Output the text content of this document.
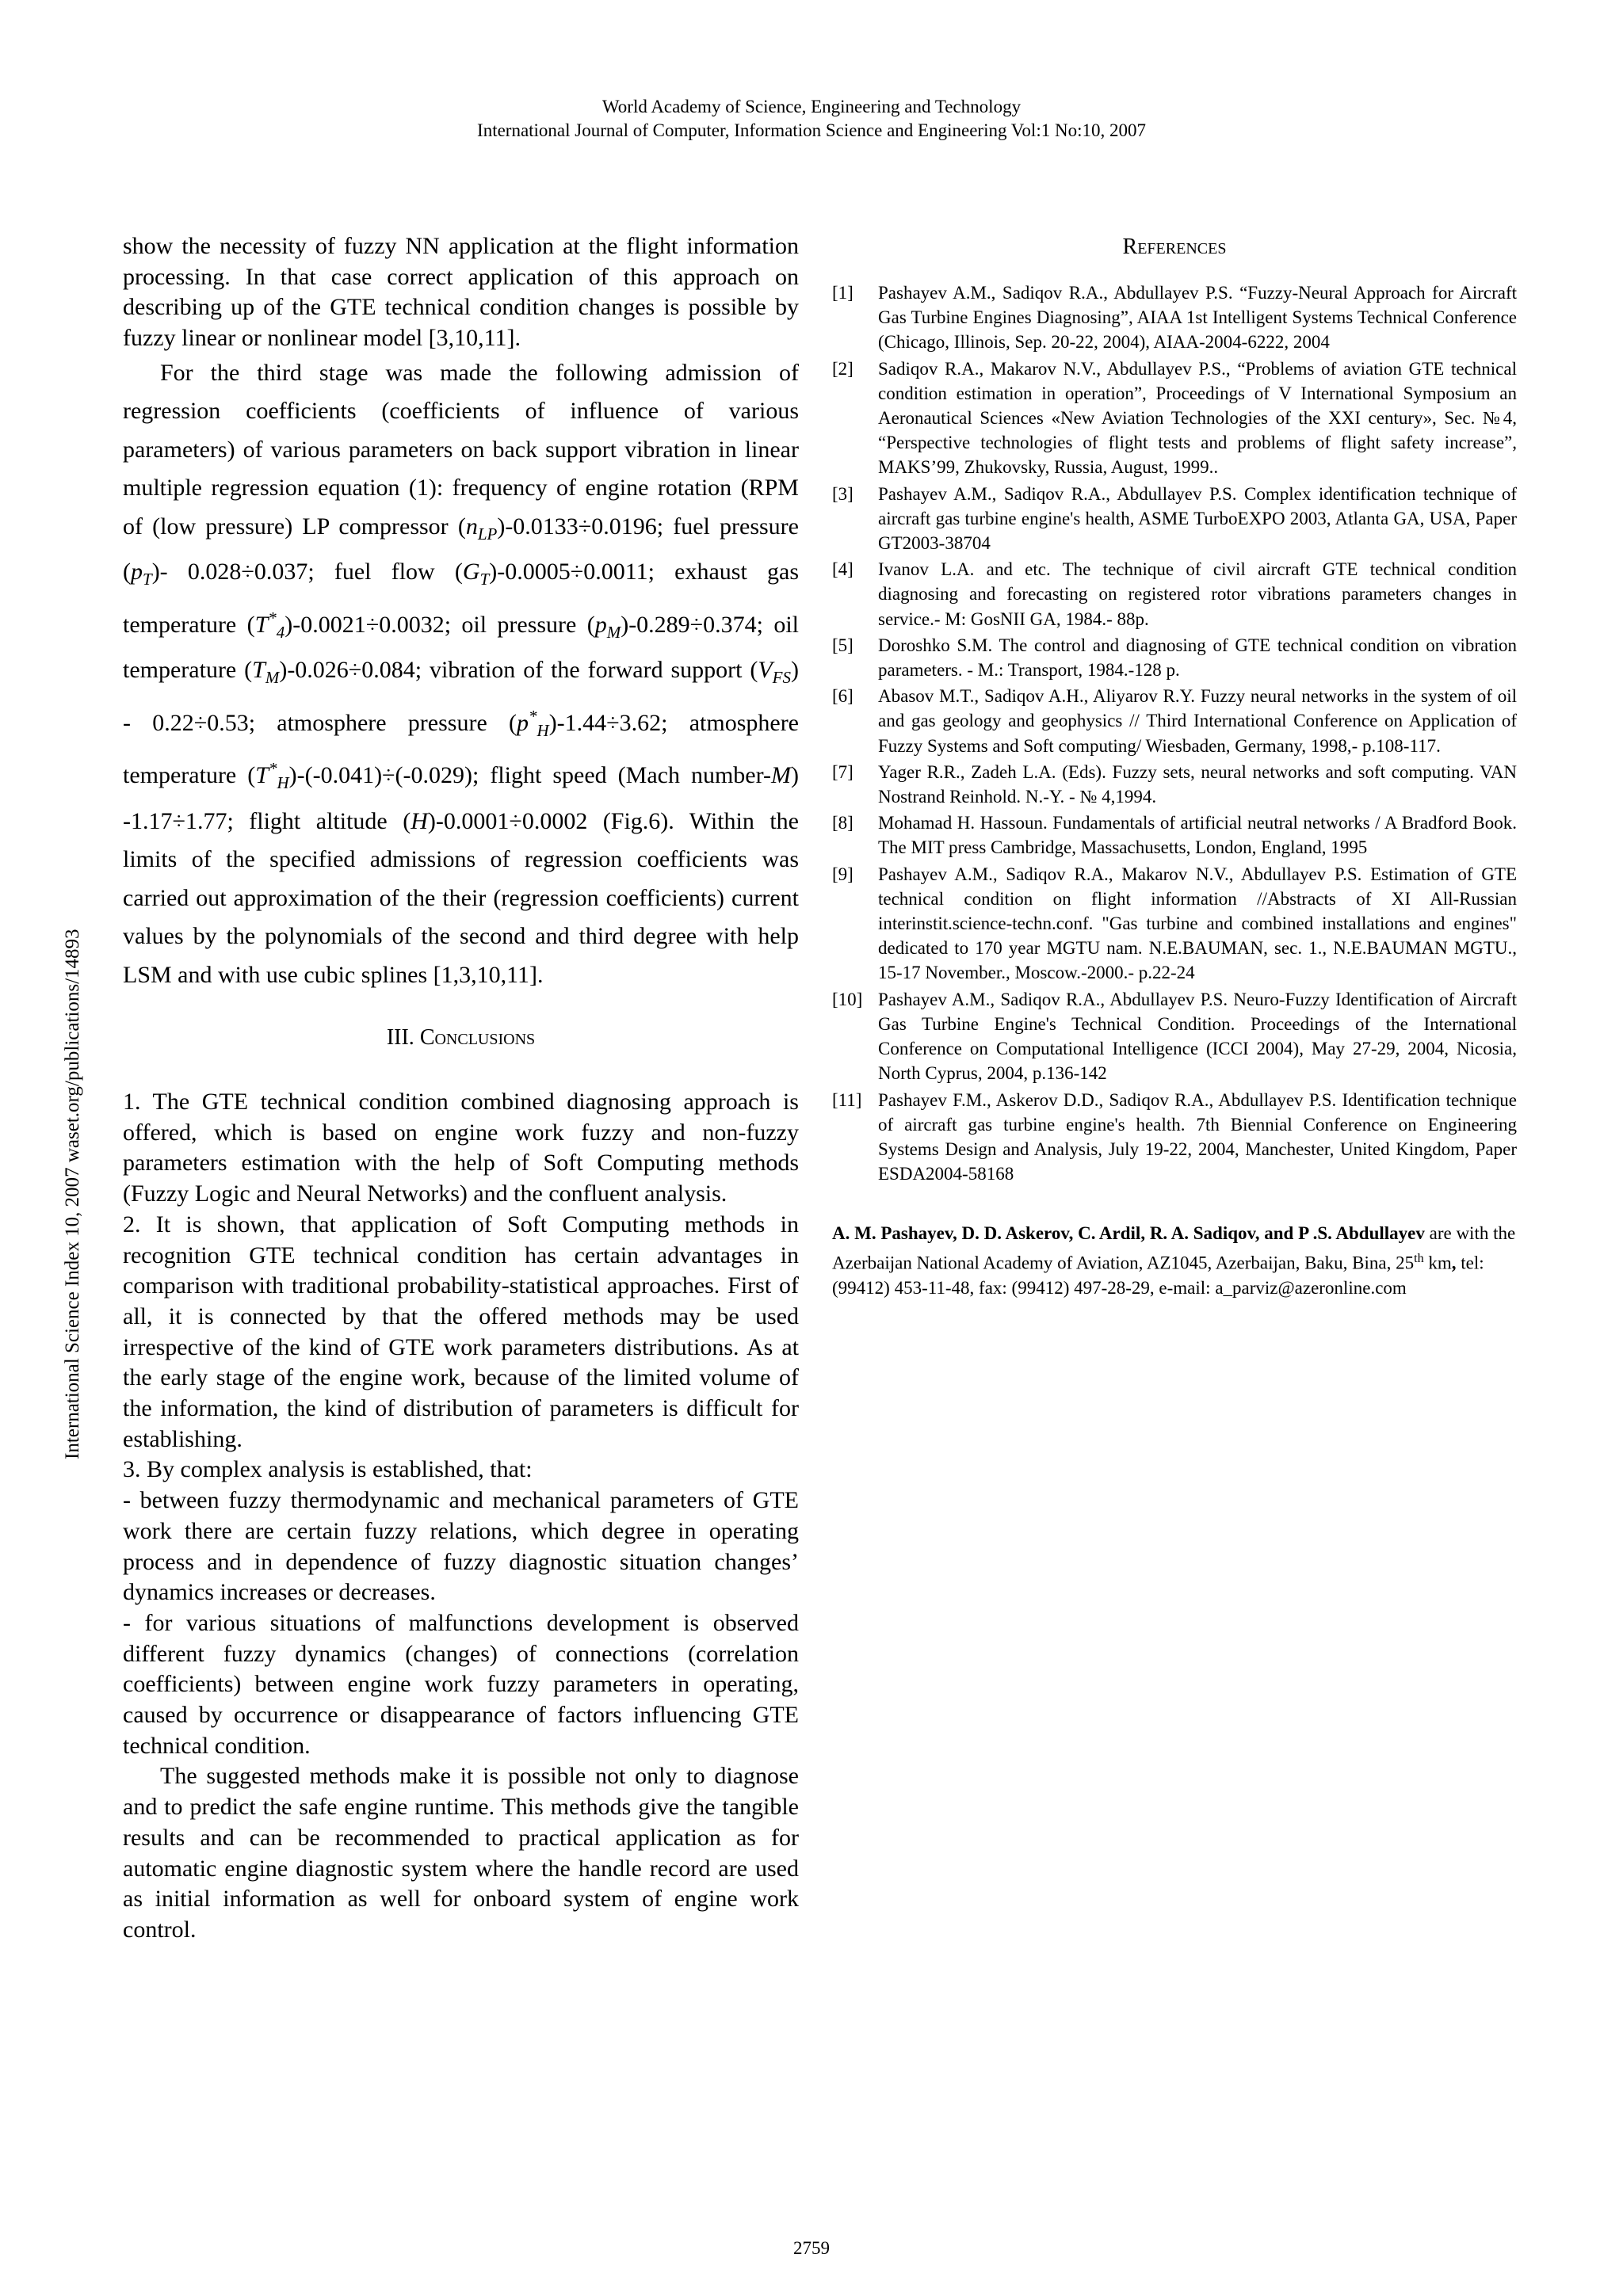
World Academy of Science, Engineering and Technology
International Journal of Computer, Information Science and Engineering Vol:1 No:10, 2007
International Science Index 10, 2007 waset.org/publications/14893

show the necessity of fuzzy NN application at the flight information processing. In that case correct application of this approach on describing up of the GTE technical condition changes is possible by fuzzy linear or nonlinear model [3,10,11].

For the third stage was made the following admission of regression coefficients (coefficients of influence of various parameters) of various parameters on back support vibration in linear multiple regression equation (1): frequency of engine rotation (RPM of (low pressure) LP compressor $(n_{LP})-0.0133\div 0.0196$; fuel pressure $(p_T)-$ 0.028÷0.037; fuel flow $(G_T)-0.0005\div 0.0011$; exhaust gas temperature $(T^*_4)-0.0021\div 0.0032$; oil pressure $(p_M)-0.289\div 0.374$; oil temperature $(T_M)-0.026\div 0.084$; vibration of the forward support $(V_{FS}) - 0.22\div 0.53$; atmosphere pressure $(p^*_H)-1.44\div 3.62$; atmosphere temperature $(T^*_H)-(-0.041)\div(-0.029)$; flight speed (Mach number-M) -1.17÷1.77; flight altitude (H)-0.0001÷0.0002 (Fig.6). Within the limits of the specified admissions of regression coefficients was carried out approximation of the their (regression coefficients) current values by the polynomials of the second and third degree with help LSM and with use cubic splines [1,3,10,11].

III. Conclusions

1. The GTE technical condition combined diagnosing approach is offered, which is based on engine work fuzzy and non-fuzzy parameters estimation with the help of Soft Computing methods (Fuzzy Logic and Neural Networks) and the confluent analysis.

2. It is shown, that application of Soft Computing methods in recognition GTE technical condition has certain advantages in comparison with traditional probability-statistical approaches. First of all, it is connected by that the offered methods may be used irrespective of the kind of GTE work parameters distributions. As at the early stage of the engine work, because of the limited volume of the information, the kind of distribution of parameters is difficult for establishing.

3. By complex analysis is established, that:

- between fuzzy thermodynamic and mechanical parameters of GTE work there are certain fuzzy relations, which degree in operating process and in dependence of fuzzy diagnostic situation changes’ dynamics increases or decreases.

- for various situations of malfunctions development is observed different fuzzy dynamics (changes) of connections (correlation coefficients) between engine work fuzzy parameters in operating, caused by occurrence or disappearance of factors influencing GTE technical condition.

The suggested methods make it is possible not only to diagnose and to predict the safe engine runtime. This methods give the tangible results and can be recommended to practical application as for automatic engine diagnostic system where the handle record are used as initial information as well for onboard system of engine work control.

References
[1]	Pashayev A.M., Sadiqov R.A., Abdullayev P.S. “Fuzzy-Neural Approach for Aircraft Gas Turbine Engines Diagnosing”, AIAA 1st Intelligent Systems Technical Conference (Chicago, Illinois, Sep. 20-22, 2004), AIAA-2004-6222, 2004
[2]	Sadiqov R.A., Makarov N.V., Abdullayev P.S., “Problems of aviation GTE technical condition estimation in operation”, Proceedings of V International Symposium an Aeronautical Sciences «New Aviation Technologies of the XXI century», Sec. №4, “Perspective technologies of flight tests and problems of flight safety increase”, MAKS’99, Zhukovsky, Russia, August, 1999..
[3]	Pashayev A.M., Sadiqov R.A., Abdullayev P.S. Complex identification technique of aircraft gas turbine engine's health, ASME TurboEXPO 2003, Atlanta GA, USA, Paper GT2003-38704
[4]	Ivanov L.A. and etc. The technique of civil aircraft GTE technical condition diagnosing and forecasting on registered rotor vibrations parameters changes in service.- M: GosNII GA, 1984.- 88p.
[5]	Doroshko S.M. The control and diagnosing of GTE technical condition on vibration parameters. - M.: Transport, 1984.-128 p.
[6]	Abasov M.T., Sadiqov A.H., Aliyarov R.Y. Fuzzy neural networks in the system of oil and gas geology and geophysics // Third International Conference on Application of Fuzzy Systems and Soft computing/ Wiesbaden, Germany, 1998,- p.108-117.
[7]	Yager R.R., Zadeh L.A. (Eds). Fuzzy sets, neural networks and soft computing. VAN Nostrand Reinhold. N.-Y. - № 4,1994.
[8]	Mohamad H. Hassoun. Fundamentals of artificial neutral networks / A Bradford Book. The MIT press Cambridge, Massachusetts, London, England, 1995
[9]	Pashayev A.M., Sadiqov R.A., Makarov N.V., Abdullayev P.S. Estimation of GTE technical condition on flight information //Abstracts of XI All-Russian interinstit.science-techn.conf. "Gas turbine and combined installations and engines" dedicated to 170 year MGTU nam. N.E.BAUMAN, sec. 1., N.E.BAUMAN MGTU., 15-17 November., Moscow.-2000.- p.22-24
[10] Pashayev A.M., Sadiqov R.A., Abdullayev P.S. Neuro-Fuzzy Identification of Aircraft Gas Turbine Engine's Technical Condition. Proceedings of the International Conference on Computational Intelligence (ICCI 2004), May 27-29, 2004, Nicosia, North Cyprus, 2004, p.136-142
[11] Pashayev F.M., Askerov D.D., Sadiqov R.A., Abdullayev P.S. Identification technique of aircraft gas turbine engine's health. 7th Biennial Conference on Engineering Systems Design and Analysis, July 19-22, 2004, Manchester, United Kingdom, Paper ESDA2004-58168
A. M. Pashayev, D. D. Askerov, C. Ardil, R. A. Sadiqov, and P .S. Abdullayev are with the Azerbaijan National Academy of Aviation, AZ1045, Azerbaijan, Baku, Bina, 25th km, tel: (99412) 453-11-48, fax: (99412) 497-28-29, e-mail: a_parviz@azeronline.com
2759
